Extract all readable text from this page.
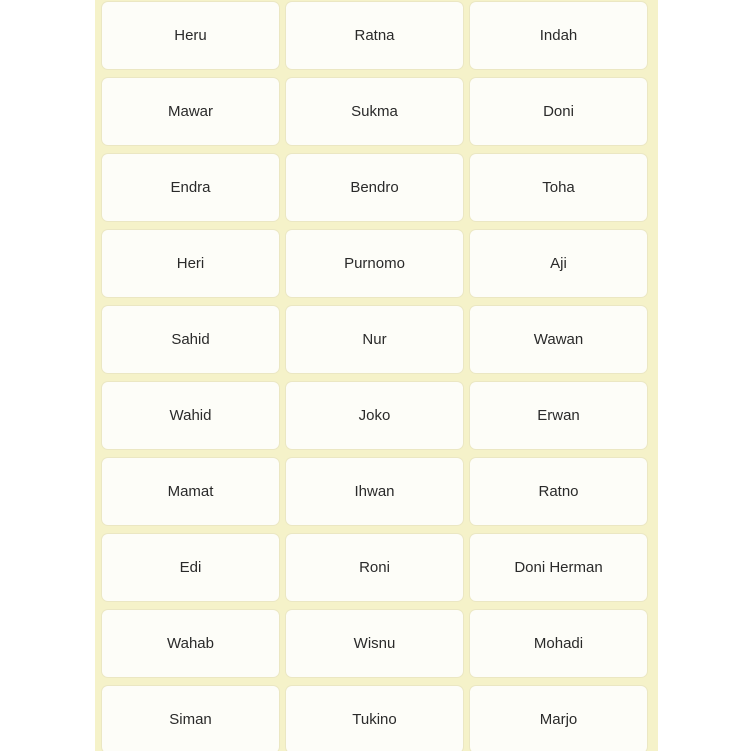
Heru	Ratna	Indah
Mawar	Sukma	Doni
Endra	Bendro	Toha
Heri	Purnomo	Aji
Sahid	Nur	Wawan
Wahid	Joko	Erwan
Mamat	Ihwan	Ratno
Edi	Roni	Doni Herman
Wahab	Wisnu	Mohadi
Siman	Tukino	Marjo
